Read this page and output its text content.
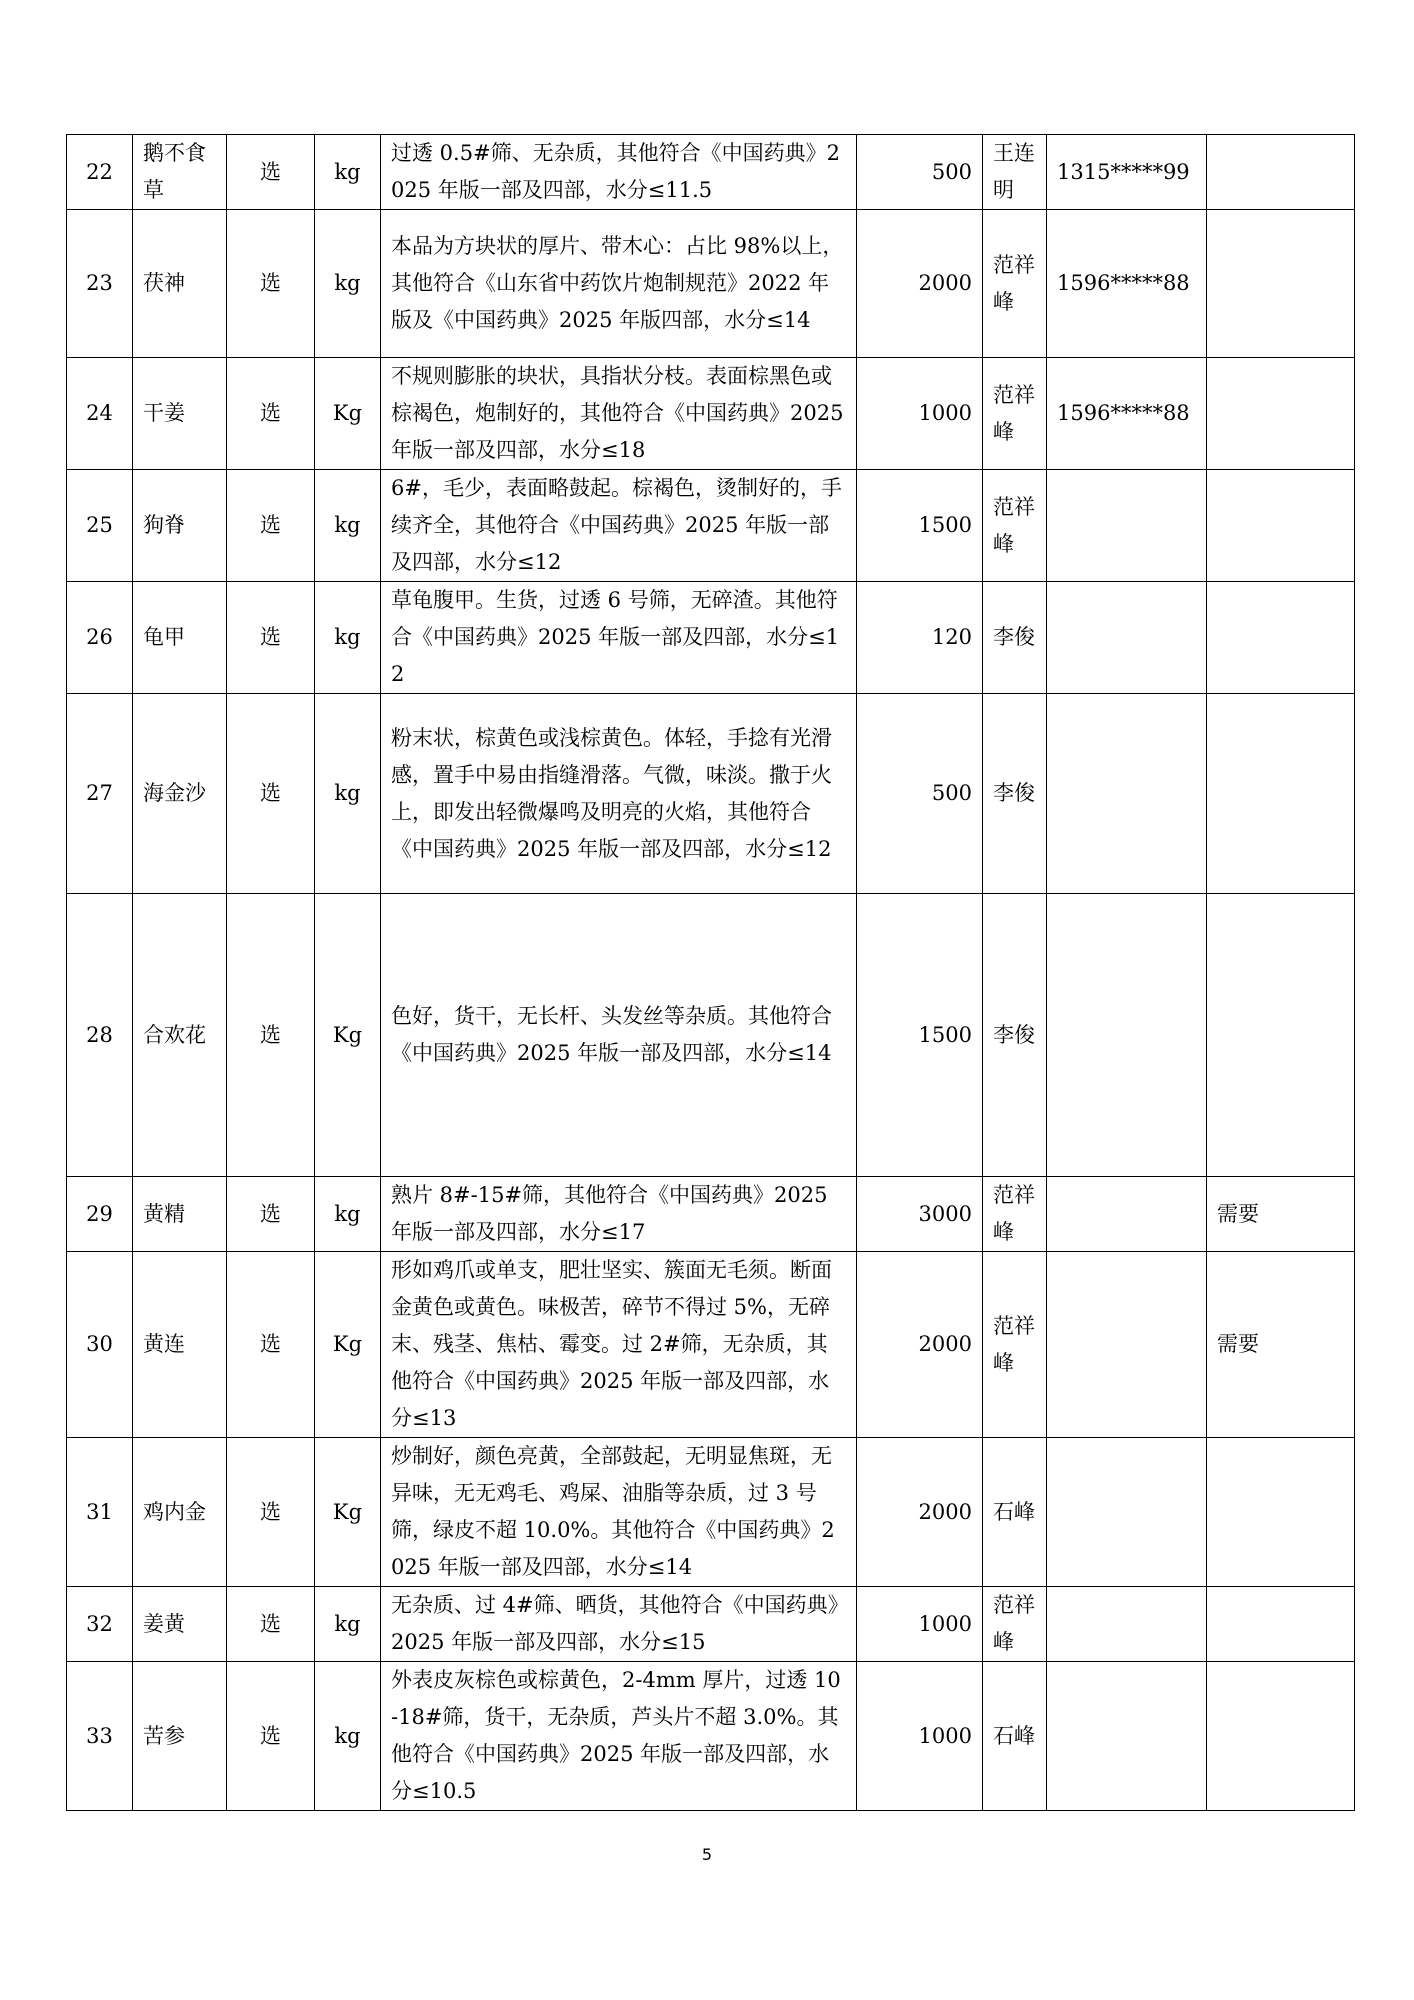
22	鹅不食草	选	kg	过透 0.5#筛、无杂质，其他符合《中国药典》2025 年版一部及四部，水分≤11.5	500	王连明	1315*****99	
23	茯神	选	kg	本品为方块状的厚片、带木心：占比 98%以上，其他符合《山东省中药饮片炮制规范》2022 年版及《中国药典》2025 年版四部，水分≤14	2000	范祥峰	1596*****88	
24	干姜	选	Kg	不规则膨胀的块状，具指状分枝。表面棕黑色或棕褐色，炮制好的，其他符合《中国药典》2025 年版一部及四部，水分≤18	1000	范祥峰	1596*****88	
25	狗脊	选	kg	6#，毛少，表面略鼓起。棕褐色，烫制好的，手续齐全，其他符合《中国药典》2025 年版一部及四部，水分≤12	1500	范祥峰		
26	龟甲	选	kg	草龟腹甲。生货，过透 6 号筛，无碎渣。其他符合《中国药典》2025 年版一部及四部，水分≤12	120	李俊		
27	海金沙	选	kg	粉末状，棕黄色或浅棕黄色。体轻，手捻有光滑感，置手中易由指缝滑落。气微，味淡。撒于火上，即发出轻微爆鸣及明亮的火焰，其他符合《中国药典》2025 年版一部及四部，水分≤12	500	李俊		
28	合欢花	选	Kg	色好，货干，无长杆、头发丝等杂质。其他符合《中国药典》2025 年版一部及四部，水分≤14	1500	李俊		
29	黄精	选	kg	熟片 8#-15#筛，其他符合《中国药典》2025 年版一部及四部，水分≤17	3000	范祥峰		需要
30	黄连	选	Kg	形如鸡爪或单支，肥壮坚实、簇面无毛须。断面金黄色或黄色。味极苦，碎节不得过 5%，无碎末、残茎、焦枯、霉变。过 2#筛，无杂质，其他符合《中国药典》2025 年版一部及四部，水分≤13	2000	范祥峰		需要
31	鸡内金	选	Kg	炒制好，颜色亮黄，全部鼓起，无明显焦斑，无异味，无无鸡毛、鸡屎、油脂等杂质，过 3 号筛，绿皮不超 10.0%。其他符合《中国药典》2025 年版一部及四部，水分≤14	2000	石峰		
32	姜黄	选	kg	无杂质、过 4#筛、晒货，其他符合《中国药典》2025 年版一部及四部，水分≤15	1000	范祥峰		
33	苦参	选	kg	外表皮灰棕色或棕黄色，2-4mm 厚片，过透 10-18#筛，货干，无杂质，芦头片不超 3.0%。其他符合《中国药典》2025 年版一部及四部，水分≤10.5	1000	石峰		
5
